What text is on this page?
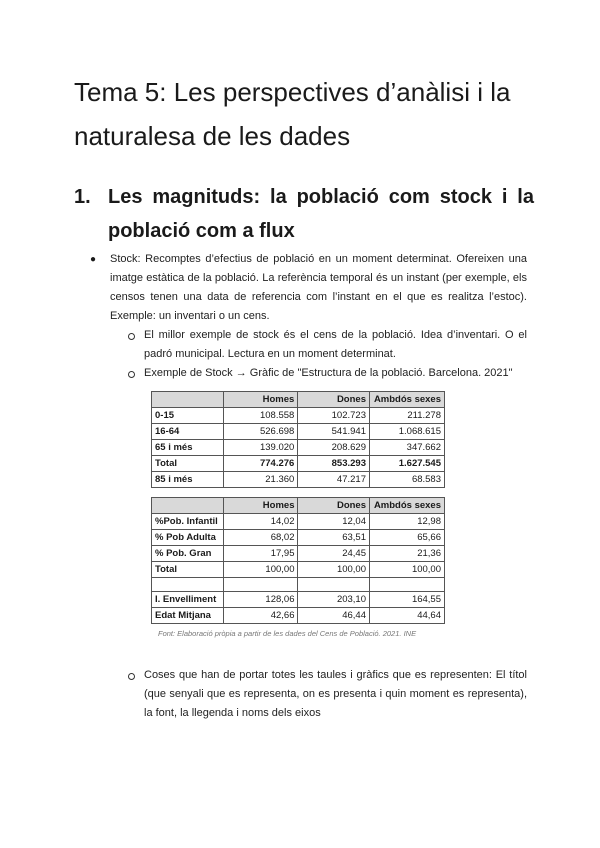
Tema 5: Les perspectives d’anàlisi i la
naturalesa de les dades
1. Les magnituds: la població com stock i la
població com a flux
● Stock: Recomptes d’efectius de població en un moment determinat. Ofereixen una
imatge estàtica de la població. La referència temporal és un instant (per exemple, els
censos tenen una data de referencia com l’instant en el que es realitza l’estoc).
Exemple: un inventari o un cens.
El millor exemple de stock és el cens de la població. Idea d’inventari. O el
padró municipal. Lectura en un moment determinat.
Exemple de Stock → Gràfic de "Estructura de la població. Barcelona. 2021"
	Homes	Dones	Ambdós sexes
0-15	108.558	102.723	211.278
16-64	526.698	541.941	1.068.615
65 i més	139.020	208.629	347.662
Total	774.276	853.293	1.627.545
85 i més	21.360	47.217	68.583
	Homes	Dones	Ambdós sexes
%Pob. Infantil	14,02	12,04	12,98
% Pob Adulta	68,02	63,51	65,66
% Pob. Gran	17,95	24,45	21,36
Total	100,00	100,00	100,00

I. Envelliment	128,06	203,10	164,55
Edat Mitjana	42,66	46,44	44,64
Font: Elaboració pròpia a partir de les dades del Cens de Població. 2021. INE
Coses que han de portar totes les taules i gràfics que es representen: El títol
(que senyali que es representa, on es presenta i quin moment es representa),
la font, la llegenda i noms dels eixos
